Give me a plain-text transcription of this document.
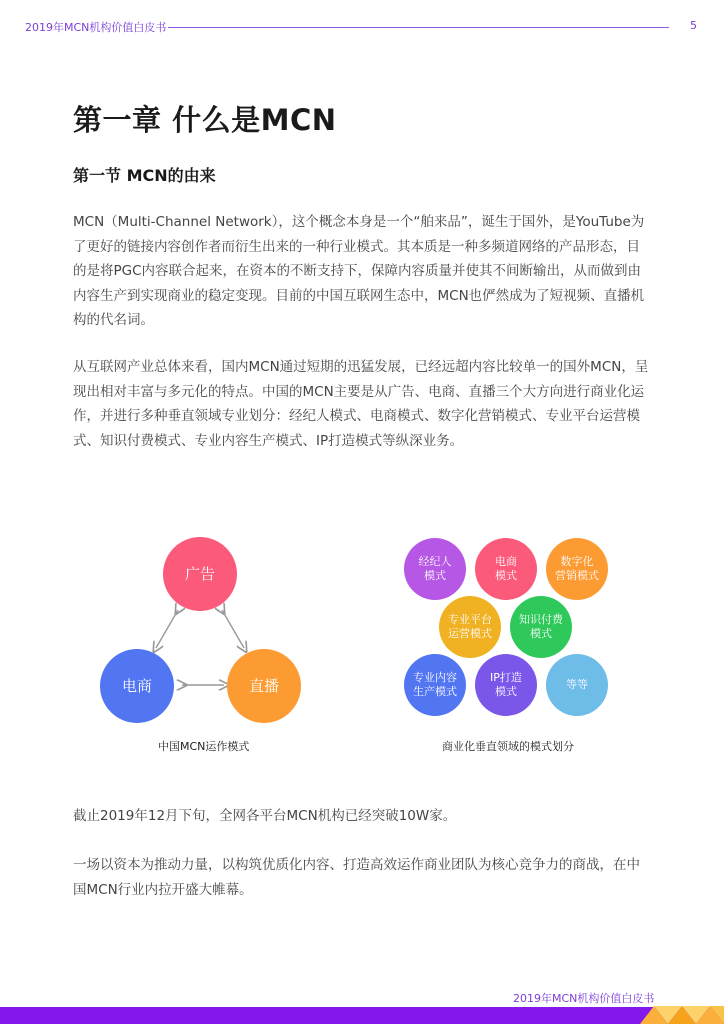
2019年MCN机构价值白皮书	5
第一章 什么是MCN
第一节 MCN的由来
MCN（Multi-Channel Network），这个概念本身是一个“舶来品”，诞生于国外，是YouTube为了更好的链接内容创作者而衍生出来的一种行业模式。其本质是一种多频道网络的产品形态，目的是将PGC内容联合起来，在资本的不断支持下，保障内容质量并使其不间断输出，从而做到由内容生产到实现商业的稳定变现。目前的中国互联网生态中，MCN也俨然成为了短视频、直播机构的代名词。
从互联网产业总体来看，国内MCN通过短期的迅猛发展，已经远超内容比较单一的国外MCN，呈现出相对丰富与多元化的特点。中国的MCN主要是从广告、电商、直播三个大方向进行商业化运作，并进行多种垂直领域专业划分：经纪人模式、电商模式、数字化营销模式、专业平台运营模式、知识付费模式、专业内容生产模式、IP打造模式等纵深业务。
广告
电商	直播
中国MCN运作模式
经纪人
模式
电商
模式
数字化
营销模式
专业平台
运营模式
知识付费
模式
专业内容
生产模式
IP打造
模式
等等
商业化垂直领域的模式划分
截止2019年12月下旬，全网各平台MCN机构已经突破10W家。
一场以资本为推动力量，以构筑优质化内容、打造高效运作商业团队为核心竞争力的商战，在中国MCN行业内拉开盛大帷幕。
2019年MCN机构价值白皮书
